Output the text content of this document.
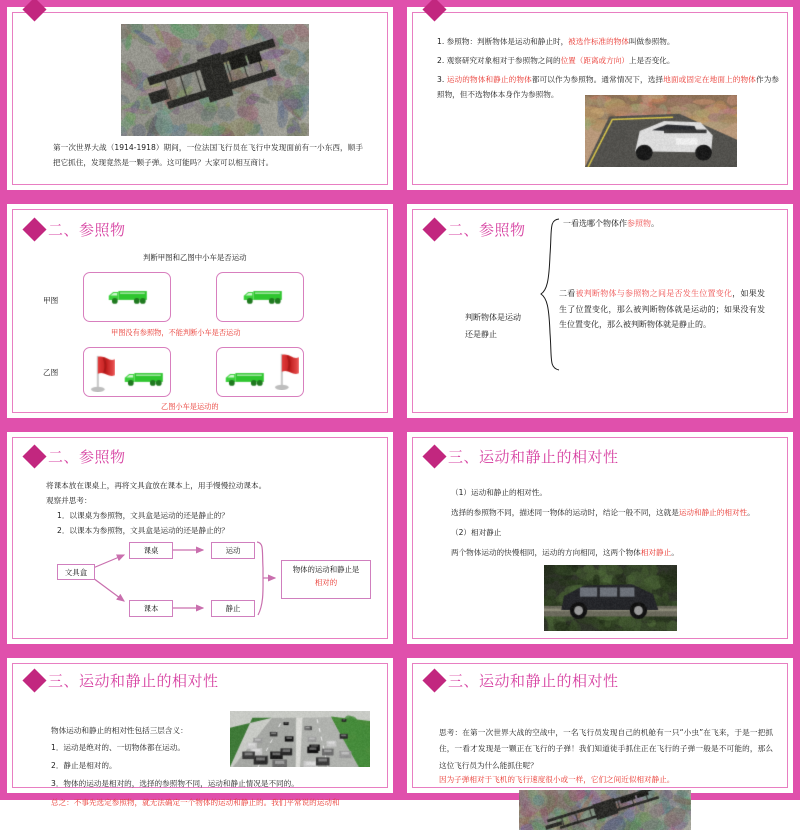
第一次世界大战（1914-1918）期间，一位法国飞行员在飞行中发现面前有一小东西，顺手把它抓住，发现竟然是一颗子弹。这可能吗？大家可以相互商讨。
1. 参照物：判断物体是运动和静止时，被选作标准的物体叫做参照物。
2. 观察研究对象相对于参照物之间的位置（距离或方向）上是否变化。
3. 运动的物体和静止的物体都可以作为参照物。通常情况下，选择地面或固定在地面上的物体作为参照物，但不选物体本身作为参照物。
二、参照物
判断甲图和乙图中小车是否运动
甲图
乙图
甲图没有参照物，不能判断小车是否运动
乙图小车是运动的
二、参照物
判断物体是运动
还是静止
一看选哪个物体作参照物。
二看被判断物体与参照物之间是否发生位置变化，如果发生了位置变化，那么被判断物体就是运动的；如果没有发生位置变化，那么被判断物体就是静止的。
二、参照物
将课本放在课桌上，再将文具盒放在课本上，用手慢慢拉动课本。
观察并思考：
1．以课桌为参照物，文具盒是运动的还是静止的？
2．以课本为参照物，文具盒是运动的还是静止的？
文具盒
课桌
课本
运动
静止
物体的运动和静止是
相对的
三、运动和静止的相对性
（1）运动和静止的相对性。
选择的参照物不同，描述同一物体的运动时，结论一般不同，这就是运动和静止的相对性。
（2）相对静止
两个物体运动的快慢相同，运动的方向相同，这两个物体相对静止。
三、运动和静止的相对性
物体运动和静止的相对性包括三层含义：
1．运动是绝对的、一切物体都在运动。
2．静止是相对的。
3．物体的运动是相对的，选择的参照物不同，运动和静止情况是不同的。
总之：不事先选定参照物，就无法确定一个物体的运动和静止的。我们平常说的运动和
三、运动和静止的相对性
思考：在第一次世界大战的空战中，一名飞行员发现自己的机舱有一只“小虫”在飞来，于是一把抓住，一看才发现是一颗正在飞行的子弹！我们知道徒手抓住正在飞行的子弹一般是不可能的，那么这位飞行员为什么能抓住呢？
因为子弹相对于飞机的飞行速度很小或一样，它们之间近似相对静止。
